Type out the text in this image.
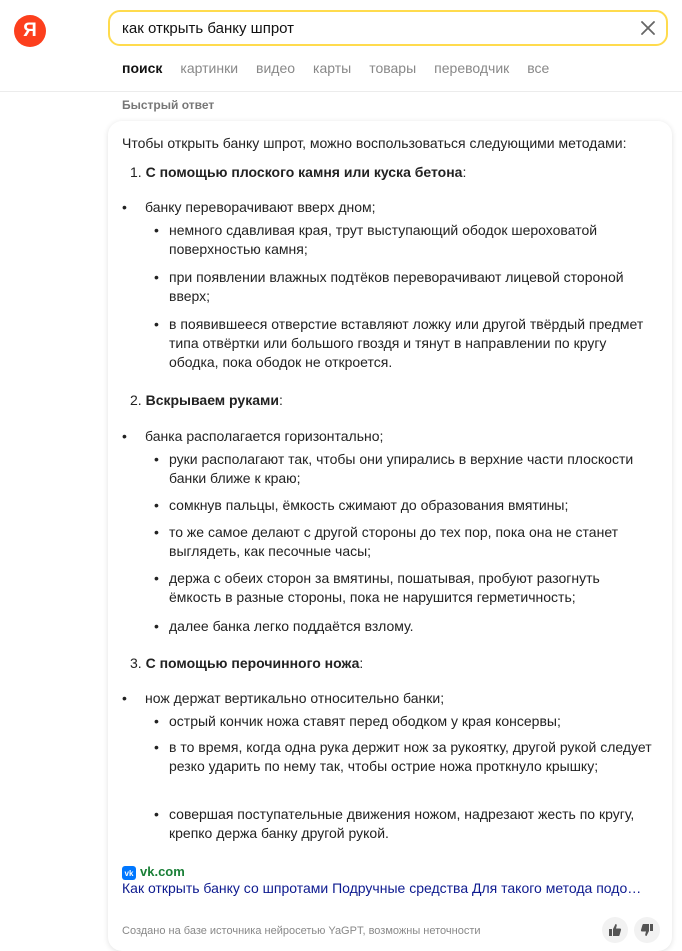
Я
как открыть банку шпрот
поиск картинки видео карты товары переводчик все
Быстрый ответ
Чтобы открыть банку шпрот, можно воспользоваться следующими методами:
1. С помощью плоского камня или куска бетона:
• банку переворачивают вверх дном;
• немного сдавливая края, трут выступающий ободок шероховатой поверхностью камня;
• при появлении влажных подтёков переворачивают лицевой стороной вверх;
• в появившееся отверстие вставляют ложку или другой твёрдый предмет типа отвёртки или большого гвоздя и тянут в направлении по кругу ободка, пока ободок не откроется.
2. Вскрываем руками:
• банка располагается горизонтально;
• руки располагают так, чтобы они упирались в верхние части плоскости банки ближе к краю;
• сомкнув пальцы, ёмкость сжимают до образования вмятины;
• то же самое делают с другой стороны до тех пор, пока она не станет выглядеть, как песочные часы;
• держа с обеих сторон за вмятины, пошатывая, пробуют разогнуть ёмкость в разные стороны, пока не нарушится герметичность;
• далее банка легко поддаётся взлому.
3. С помощью перочинного ножа:
• нож держат вертикально относительно банки;
• острый кончик ножа ставят перед ободком у края консервы;
• в то время, когда одна рука держит нож за рукоятку, другой рукой следует резко ударить по нему так, чтобы острие ножа проткнуло крышку;
• совершая поступательные движения ножом, надрезают жесть по кругу, крепко держа банку другой рукой.
vk vk.com
Как открыть банку со шпротами Подручные средства Для такого метода подо…
Создано на базе источника нейросетью YaGPT, возможны неточности
